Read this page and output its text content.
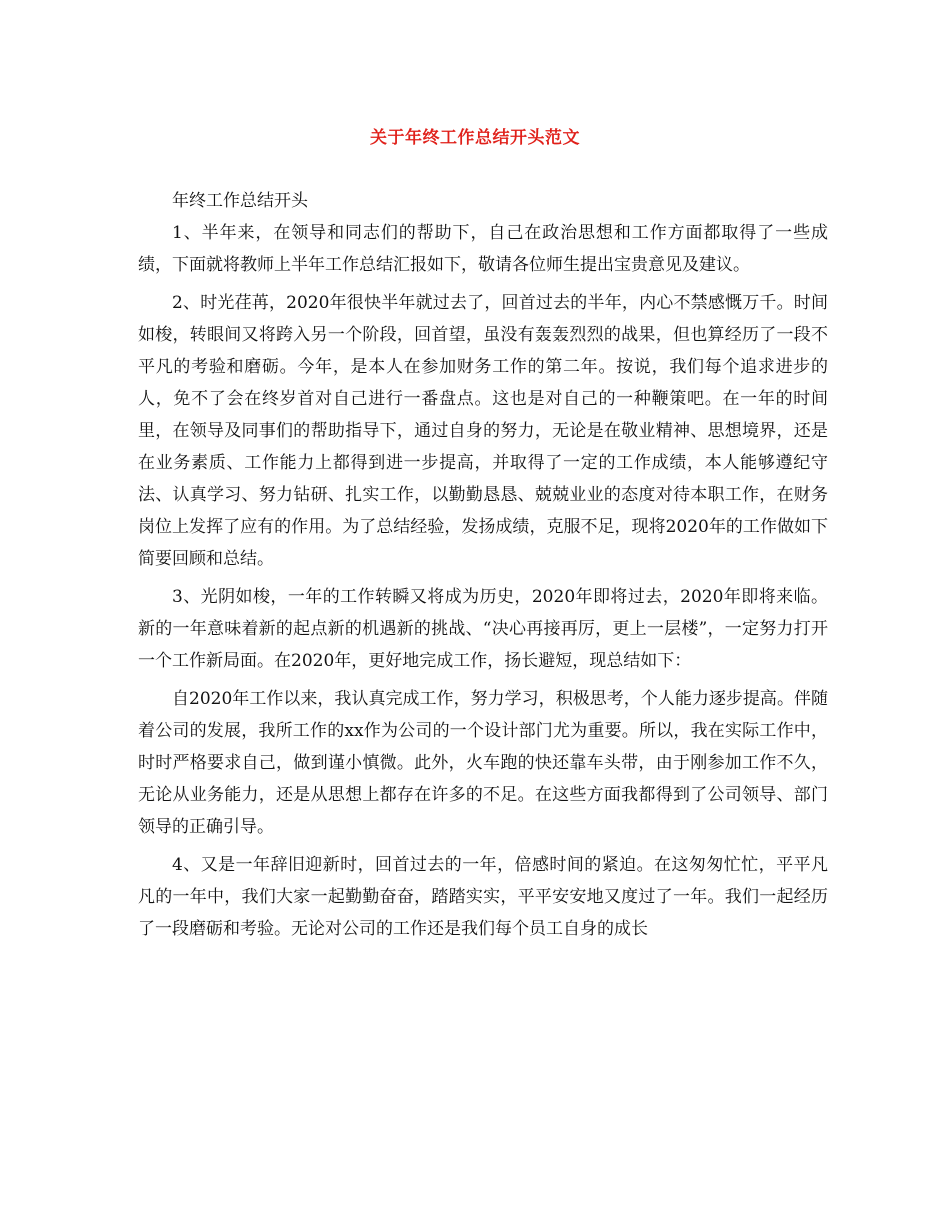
关于年终工作总结开头范文

年终工作总结开头

1、半年来，在领导和同志们的帮助下，自己在政治思想和工作方面都取得了一些成绩，下面就将教师上半年工作总结汇报如下，敬请各位师生提出宝贵意见及建议。

2、时光荏苒，2020年很快半年就过去了，回首过去的半年，内心不禁感慨万千。时间如梭，转眼间又将跨入另一个阶段，回首望，虽没有轰轰烈烈的战果，但也算经历了一段不平凡的考验和磨砺。今年，是本人在参加财务工作的第二年。按说，我们每个追求进步的人，免不了会在终岁首对自己进行一番盘点。这也是对自己的一种鞭策吧。在一年的时间里，在领导及同事们的帮助指导下，通过自身的努力，无论是在敬业精神、思想境界，还是在业务素质、工作能力上都得到进一步提高，并取得了一定的工作成绩，本人能够遵纪守法、认真学习、努力钻研、扎实工作，以勤勤恳恳、兢兢业业的态度对待本职工作，在财务岗位上发挥了应有的作用。为了总结经验，发扬成绩，克服不足，现将2020年的工作做如下简要回顾和总结。

3、光阴如梭，一年的工作转瞬又将成为历史，2020年即将过去，2020年即将来临。新的一年意味着新的起点新的机遇新的挑战、“决心再接再厉，更上一层楼”，一定努力打开一个工作新局面。在2020年，更好地完成工作，扬长避短，现总结如下：

自2020年工作以来，我认真完成工作，努力学习，积极思考，个人能力逐步提高。伴随着公司的发展，我所工作的xx作为公司的一个设计部门尤为重要。所以，我在实际工作中，时时严格要求自己，做到谨小慎微。此外，火车跑的快还靠车头带，由于刚参加工作不久，无论从业务能力，还是从思想上都存在许多的不足。在这些方面我都得到了公司领导、部门领导的正确引导。

4、又是一年辞旧迎新时，回首过去的一年，倍感时间的紧迫。在这匆匆忙忙，平平凡凡的一年中，我们大家一起勤勤奋奋，踏踏实实，平平安安地又度过了一年。我们一起经历了一段磨砺和考验。无论对公司的工作还是我们每个员工自身的成长
